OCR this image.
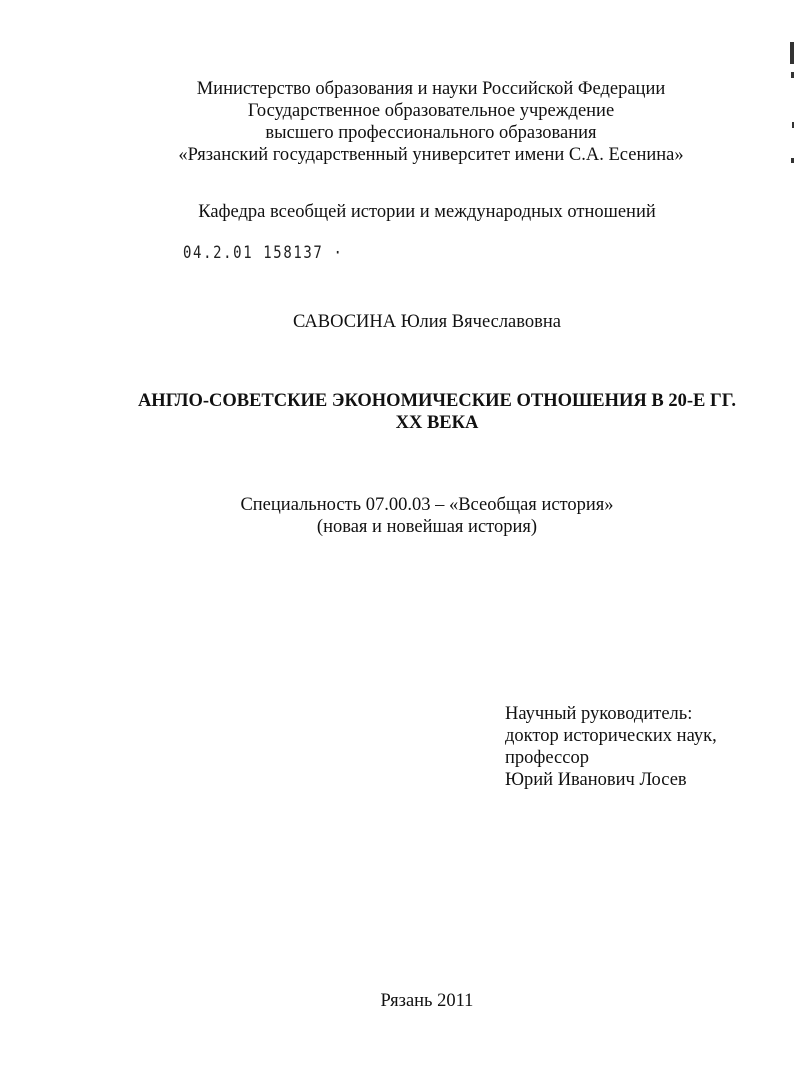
Министерство образования и науки Российской Федерации
Государственное образовательное учреждение
высшего профессионального образования
«Рязанский государственный университет имени С.А. Есенина»
Кафедра всеобщей истории и международных отношений
04.2.01 158137 ·
САВОСИНА Юлия Вячеславовна
АНГЛО-СОВЕТСКИЕ ЭКОНОМИЧЕСКИЕ ОТНОШЕНИЯ В 20-Е ГГ.
XX ВЕКА
Специальность 07.00.03 – «Всеобщая история»
(новая и новейшая история)
Научный руководитель:
доктор исторических наук,
профессор
Юрий Иванович Лосев
Рязань 2011
